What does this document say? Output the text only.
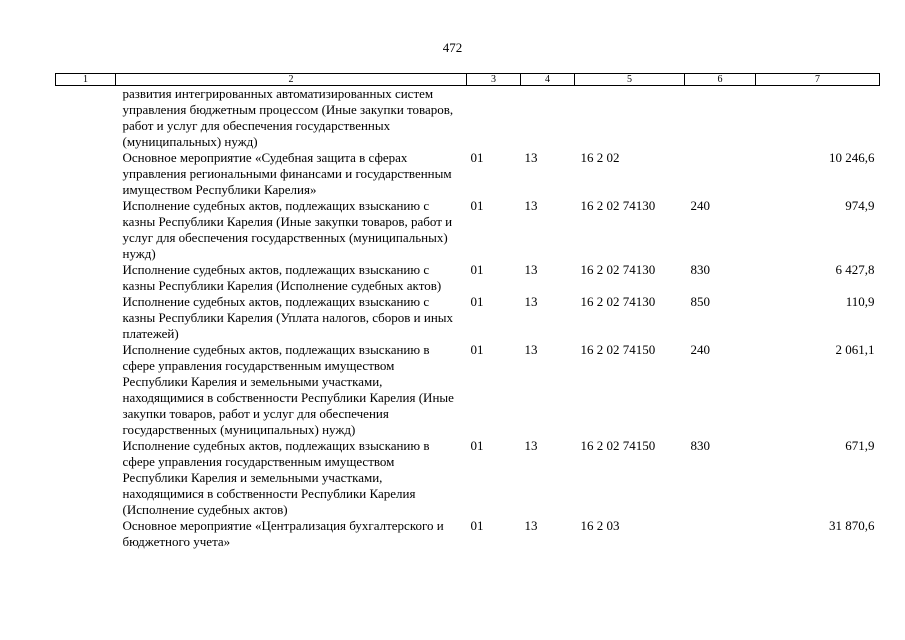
472
1	2	3	4	5	6	7
	развития интегрированных автоматизированных систем управления бюджетным процессом (Иные закупки товаров, работ и услуг для обеспечения государственных (муниципальных) нужд)					
	Основное мероприятие «Судебная защита в сферах управления региональными финансами и государственным имуществом Республики Карелия»	01	13	16 2 02		10 246,6
	Исполнение судебных актов, подлежащих взысканию с казны Республики Карелия (Иные закупки товаров, работ и услуг для обеспечения государственных (муниципальных) нужд)	01	13	16 2 02 74130	240	974,9
	Исполнение судебных актов, подлежащих взысканию с казны Республики Карелия (Исполнение судебных актов)	01	13	16 2 02 74130	830	6 427,8
	Исполнение судебных актов, подлежащих взысканию с казны Республики Карелия (Уплата налогов, сборов и иных платежей)	01	13	16 2 02 74130	850	110,9
	Исполнение судебных актов, подлежащих взысканию в сфере управления государственным имуществом Республики Карелия и земельными участками, находящимися в собственности Республики Карелия (Иные закупки товаров, работ и услуг для обеспечения государственных (муниципальных) нужд)	01	13	16 2 02 74150	240	2 061,1
	Исполнение судебных актов, подлежащих взысканию в сфере управления государственным имуществом Республики Карелия и земельными участками, находящимися в собственности Республики Карелия (Исполнение судебных актов)	01	13	16 2 02 74150	830	671,9
	Основное мероприятие «Централизация бухгалтерского и бюджетного учета»	01	13	16 2 03		31 870,6
